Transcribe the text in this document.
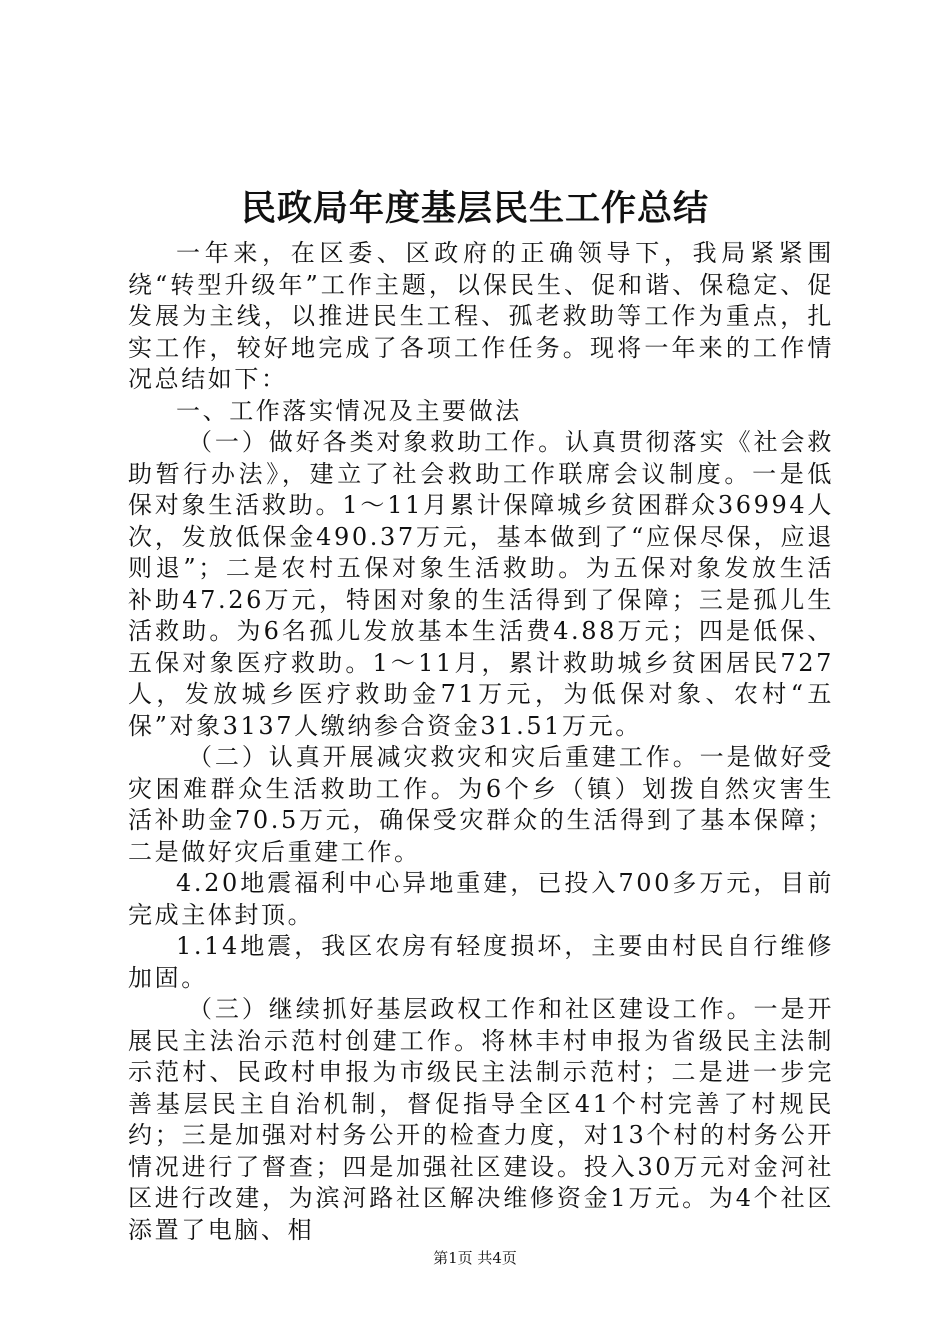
民政局年度基层民生工作总结

一年来，在区委、区政府的正确领导下，我局紧紧围绕“转型升级年”工作主题，以保民生、促和谐、保稳定、促发展为主线，以推进民生工程、孤老救助等工作为重点，扎实工作，较好地完成了各项工作任务。现将一年来的工作情况总结如下：

一、工作落实情况及主要做法

（一）做好各类对象救助工作。认真贯彻落实《社会救助暂行办法》，建立了社会救助工作联席会议制度。一是低保对象生活救助。1～11月累计保障城乡贫困群众36994人次，发放低保金490.37万元，基本做到了“应保尽保，应退则退”；二是农村五保对象生活救助。为五保对象发放生活补助47.26万元，特困对象的生活得到了保障；三是孤儿生活救助。为6名孤儿发放基本生活费4.88万元；四是低保、五保对象医疗救助。1～11月，累计救助城乡贫困居民727人，发放城乡医疗救助金71万元，为低保对象、农村“五保”对象3137人缴纳参合资金31.51万元。

（二）认真开展减灾救灾和灾后重建工作。一是做好受灾困难群众生活救助工作。为6个乡（镇）划拨自然灾害生活补助金70.5万元，确保受灾群众的生活得到了基本保障；二是做好灾后重建工作。

4.20地震福利中心异地重建，已投入700多万元，目前完成主体封顶。

1.14地震，我区农房有轻度损坏，主要由村民自行维修加固。

（三）继续抓好基层政权工作和社区建设工作。一是开展民主法治示范村创建工作。将林丰村申报为省级民主法制示范村、民政村申报为市级民主法制示范村；二是进一步完善基层民主自治机制，督促指导全区41个村完善了村规民约；三是加强对村务公开的检查力度，对13个村的村务公开情况进行了督查；四是加强社区建设。投入30万元对金河社区进行改建，为滨河路社区解决维修资金1万元。为4个社区添置了电脑、相

第1页 共4页
